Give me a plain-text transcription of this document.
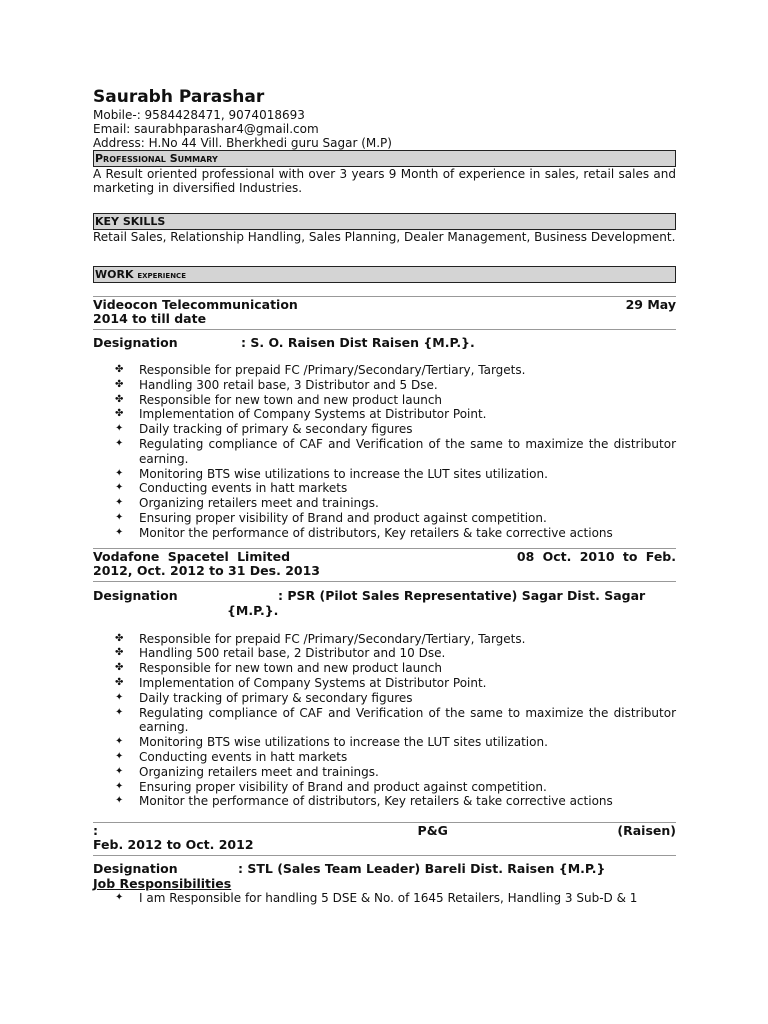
Saurabh Parashar
Mobile-: 9584428471, 9074018693
Email: saurabhparashar4@gmail.com
Address: H.No 44 Vill. Bherkhedi guru Sagar (M.P)
Professional Summary
A Result oriented professional with over 3 years 9 Month of experience in sales, retail sales and marketing in diversified Industries.
KEY SKILLS
Retail Sales, Relationship Handling, Sales Planning, Dealer Management, Business Development.
WORK experience
Videocon Telecommunication	29 May
2014 to till date
Designation	: S. O. Raisen Dist Raisen {M.P.}.
✤ Responsible for prepaid FC /Primary/Secondary/Tertiary, Targets.
✤ Handling 300 retail base, 3 Distributor and 5 Dse.
✤ Responsible for new town and new product launch
✤ Implementation of Company Systems at Distributor Point.
✦ Daily tracking of primary & secondary figures
✦ Regulating compliance of CAF and Verification of the same to maximize the distributor earning.
✦ Monitoring BTS wise utilizations to increase the LUT sites utilization.
✦ Conducting events in hatt markets
✦ Organizing retailers meet and trainings.
✦ Ensuring proper visibility of Brand and product against competition.
✦ Monitor the performance of distributors, Key retailers & take corrective actions
Vodafone Spacetel Limited	08 Oct. 2010 to Feb.
2012, Oct. 2012 to 31 Des. 2013
Designation	: PSR (Pilot Sales Representative) Sagar Dist. Sagar
{M.P.}.
✤ Responsible for prepaid FC /Primary/Secondary/Tertiary, Targets.
✤ Handling 500 retail base, 2 Distributor and 10 Dse.
✤ Responsible for new town and new product launch
✤ Implementation of Company Systems at Distributor Point.
✦ Daily tracking of primary & secondary figures
✦ Regulating compliance of CAF and Verification of the same to maximize the distributor earning.
✦ Monitoring BTS wise utilizations to increase the LUT sites utilization.
✦ Conducting events in hatt markets
✦ Organizing retailers meet and trainings.
✦ Ensuring proper visibility of Brand and product against competition.
✦ Monitor the performance of distributors, Key retailers & take corrective actions
:	P&G	(Raisen)
Feb. 2012 to Oct. 2012
Designation	: STL (Sales Team Leader) Bareli Dist. Raisen {M.P.}
Job Responsibilities
✦ I am Responsible for handling 5 DSE & No. of 1645 Retailers, Handling 3 Sub-D & 1
